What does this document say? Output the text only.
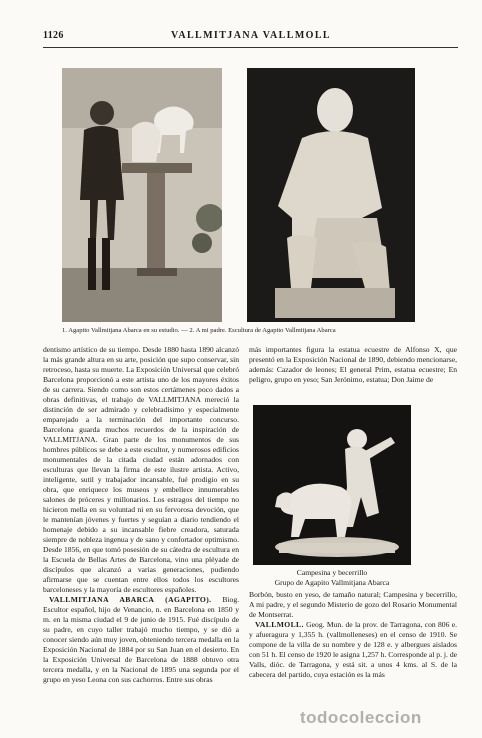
1126	VALLMITJANA VALLMOLL
1. Agapito Vallmitjana Abarca en su estudio. — 2. A mi padre. Escultura de Agapito Vallmitjana Abarca
Campesina y becerrillo
Grupo de Agapito Vallmitjana Abarca
dentismo artístico de su tiempo. Desde 1880 hasta 1890 alcanzó la más grande altura en su arte, posición que supo conservar, sin retroceso, hasta su muerte. La Exposición Universal que celebró Barcelona proporcionó a este artista uno de los mayores éxitos de su carrera. Siendo como son estos certámenes poco dados a obras definitivas, el trabajo de VALLMITJANA mereció la distinción de ser admirado y celebradísimo y especialmente emparejado a la terminación del importante concurso. Barcelona guarda muchos recuerdos de la inspiración de VALLMITJANA. Gran parte de los monumentos de sus hombres públicos se debe a este escultor, y numerosos edificios monumentales de la citada ciudad están adornados con esculturas que llevan la firma de este ilustre artista. Activo, inteligente, sutil y trabajador incansable, fué prodigio en su obra, que enriquece los museos y embellece innumerables salones de próceres y millonarios. Los estragos del tiempo no hicieron mella en su voluntad ni en su fervorosa devoción, que le mantenían jóvenes y fuertes y seguían a diario tendiendo el homenaje debido a su incansable fiebre creadora, saturada siempre de nobleza ingenua y de sano y confortador optimismo. Desde 1856, en que tomó posesión de su cátedra de escultura en la Escuela de Bellas Artes de Barcelona, vino una pléyade de discípulos que alcanzó a varias generaciones, pudiendo afirmarse que se cuentan entre ellos todos los escultores barceloneses y la mayoría de escultores españoles.

VALLMITJANA ABARCA (AGAPITO). Biog. Escultor español, hijo de Venancio, n. en Barcelona en 1850 y m. en la misma ciudad el 9 de junio de 1915. Fué discípulo de su padre, en cuyo taller trabajó mucho tiempo, y se dió a conocer siendo aún muy joven, obteniendo tercera medalla en la Exposición Nacional de 1884 por su San Juan en el desierto. En la Exposición Universal de Barcelona de 1888 obtuvo otra tercera medalla, y en la Nacional de 1895 una segunda por el grupo en yeso Leona con sus cachorros. Entre sus obras

más importantes figura la estatua ecuestre de Alfonso X, que presentó en la Exposición Nacional de 1890, debiendo mencionarse, además: Cazador de leones; El general Prim, estatua ecuestre; En peligro, grupo en yeso; San Jerónimo, estatua; Don Jaime de
Borbón, busto en yeso, de tamaño natural; Campesina y becerrillo, A mi padre, y el segundo Misterio de gozo del Rosario Monumental de Montserrat.

VALLMOLL. Geog. Mun. de la prov. de Tarragona, con 806 e. y afueragura y 1,355 h. (vallmolleneses) en el censo de 1910. Se compone de la villa de su nombre y de 128 e. y albergues aislados con 51 h. El censo de 1920 le asigna 1,257 h. Corresponde al p. j. de Valls, dióc. de Tarragona, y está sit. a unos 4 kms. al S. de la cabecera del partido, cuya estación es la más

todocoleccion
